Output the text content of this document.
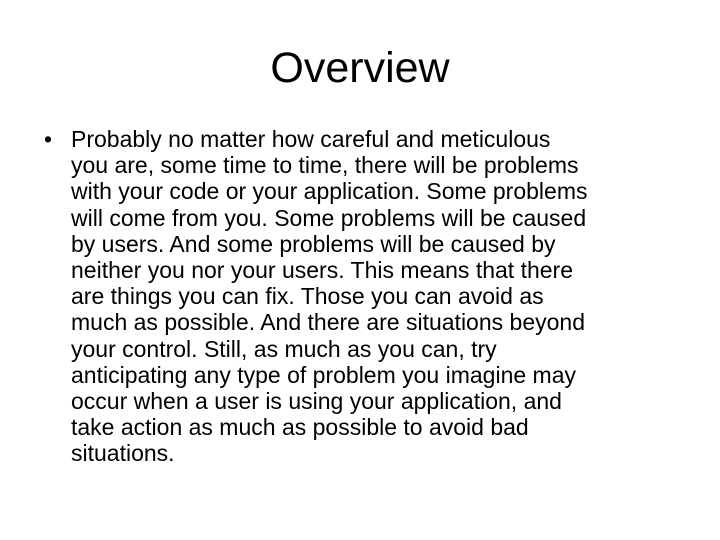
Overview
• Probably no matter how careful and meticulous
you are, some time to time, there will be problems
with your code or your application. Some problems
will come from you. Some problems will be caused
by users. And some problems will be caused by
neither you nor your users. This means that there
are things you can fix. Those you can avoid as
much as possible. And there are situations beyond
your control. Still, as much as you can, try
anticipating any type of problem you imagine may
occur when a user is using your application, and
take action as much as possible to avoid bad
situations.
